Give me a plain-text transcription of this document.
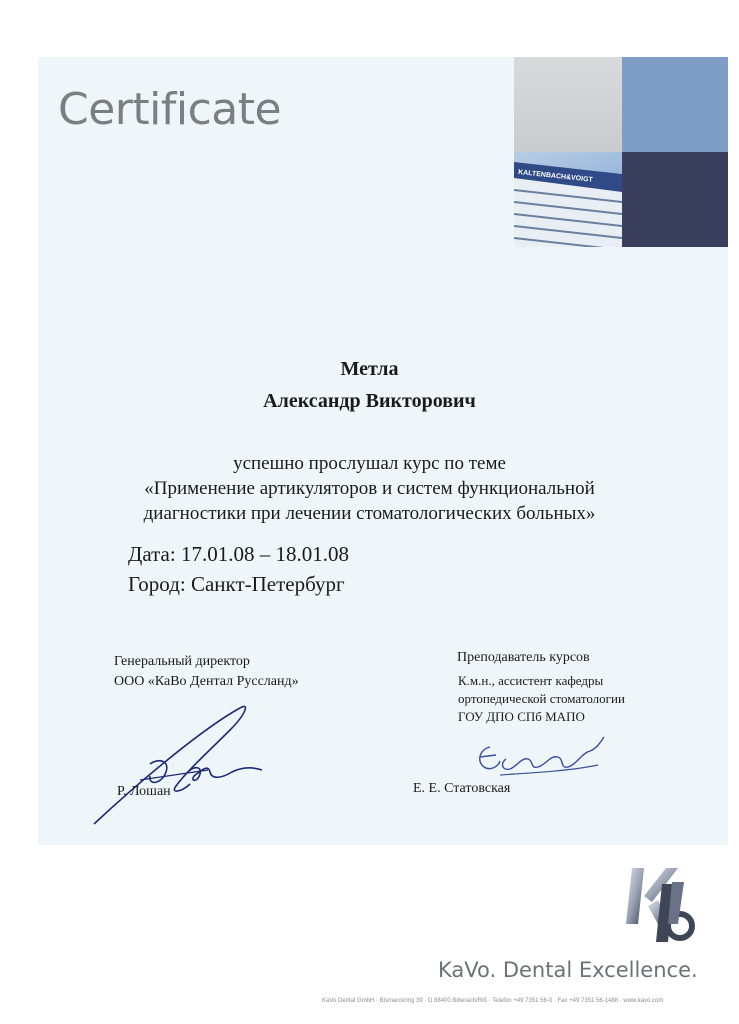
Certificate
KALTENBACH&VOIGT
Метла
Александр Викторович
успешно прослушал курс по теме
«Применение артикуляторов и систем функциональной
диагностики при лечении стоматологических больных»
Дата: 17.01.08 – 18.01.08
Город: Санкт-Петербург
Генеральный директор
ООО «КаВо Дентал Руссланд»
Преподаватель курсов
К.м.н., ассистент кафедры
ортопедической стоматологии
ГОУ ДПО СПб МАПО
Р. Лошан	Е. Е. Статовская
KaVo. Dental Excellence.
KaVo Dental GmbH · Bismarckring 39 · D 88400 Biberach/Riß · Telefon +49 7351 56-0 · Fax +49 7351 56-1488 · www.kavo.com
